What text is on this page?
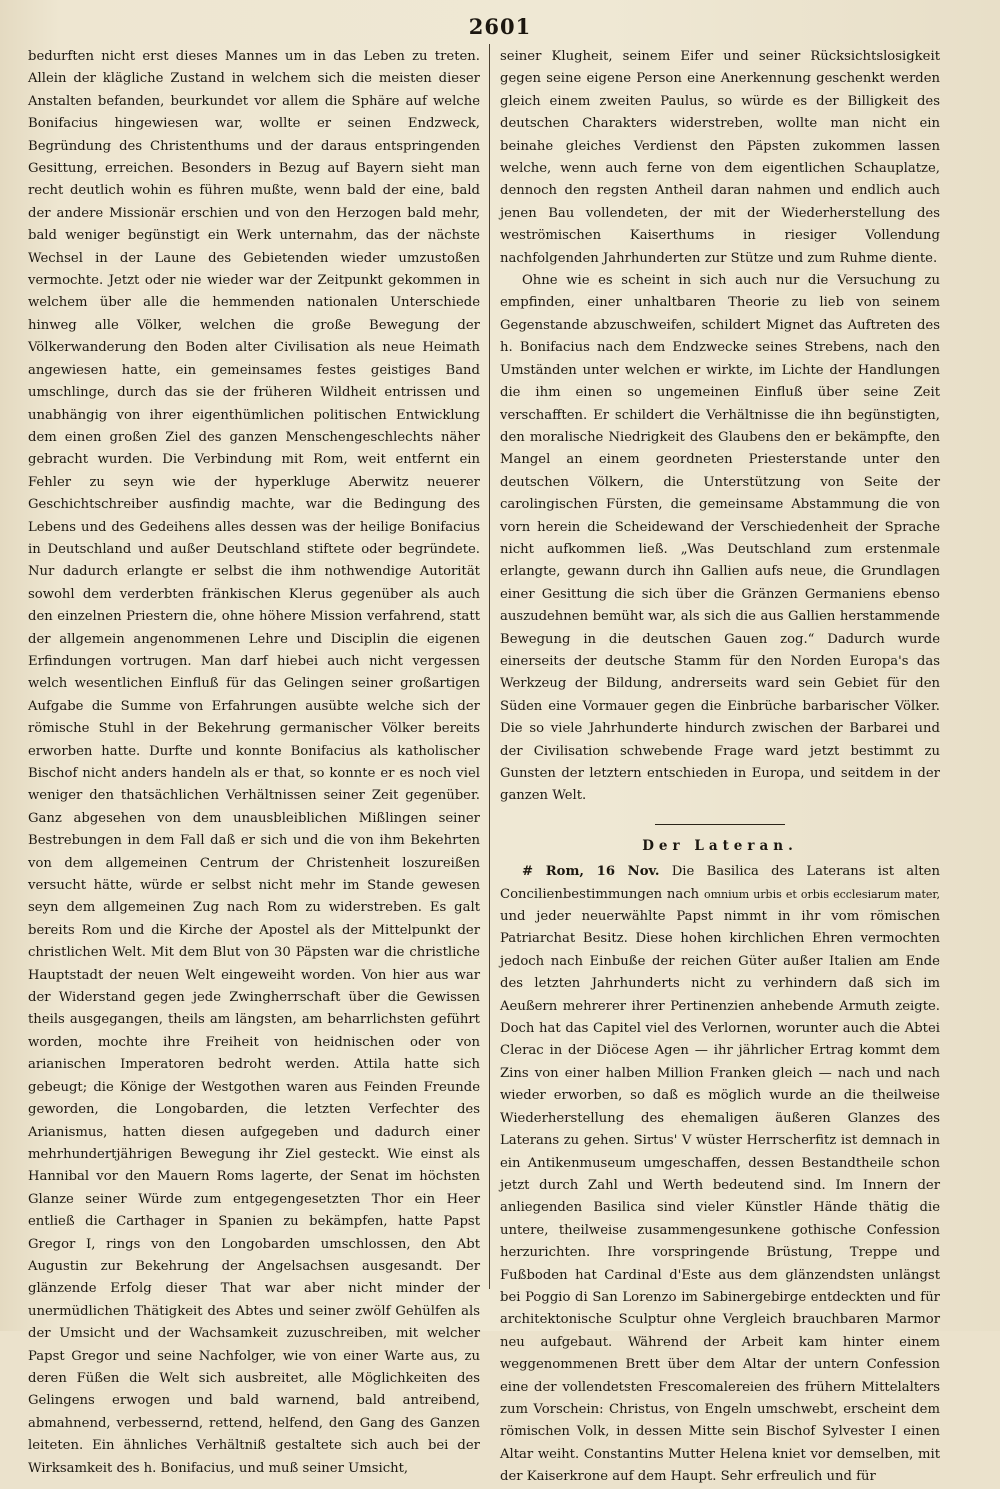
2601

bedurften nicht erst dieses Mannes um in das Leben zu treten. Allein der klägliche Zustand in welchem sich die meisten dieser Anstalten befanden, beurkundet vor allem die Sphäre auf welche Bonifacius hingewiesen war, wollte er seinen Endzweck, Begründung des Christenthums und der daraus entspringenden Gesittung, erreichen. Besonders in Bezug auf Bayern sieht man recht deutlich wohin es führen mußte, wenn bald der eine, bald der andere Missionär erschien und von den Herzogen bald mehr, bald weniger begünstigt ein Werk unternahm, das der nächste Wechsel in der Laune des Gebietenden wieder umzustoßen vermochte. Jetzt oder nie wieder war der Zeitpunkt gekommen in welchem über alle die hemmenden nationalen Unterschiede hinweg alle Völker, welchen die große Bewegung der Völkerwanderung den Boden alter Civilisation als neue Heimath angewiesen hatte, ein gemeinsames festes geistiges Band umschlinge, durch das sie der früheren Wildheit entrissen und unabhängig von ihrer eigenthümlichen politischen Entwicklung dem einen großen Ziel des ganzen Menschengeschlechts näher gebracht wurden. Die Verbindung mit Rom, weit entfernt ein Fehler zu seyn wie der hyperkluge Aberwitz neuerer Geschichtschreiber ausfindig machte, war die Bedingung des Lebens und des Gedeihens alles dessen was der heilige Bonifacius in Deutschland und außer Deutschland stiftete oder begründete. Nur dadurch erlangte er selbst die ihm nothwendige Autorität sowohl dem verderbten fränkischen Klerus gegenüber als auch den einzelnen Priestern die, ohne höhere Mission verfahrend, statt der allgemein angenommenen Lehre und Disciplin die eigenen Erfindungen vortrugen. Man darf hiebei auch nicht vergessen welch wesentlichen Einfluß für das Gelingen seiner großartigen Aufgabe die Summe von Erfahrungen ausübte welche sich der römische Stuhl in der Bekehrung germanischer Völker bereits erworben hatte. Durfte und konnte Bonifacius als katholischer Bischof nicht anders handeln als er that, so konnte er es noch viel weniger den thatsächlichen Verhältnissen seiner Zeit gegenüber. Ganz abgesehen von dem unausbleiblichen Mißlingen seiner Bestrebungen in dem Fall daß er sich und die von ihm Bekehrten von dem allgemeinen Centrum der Christenheit loszureißen versucht hätte, würde er selbst nicht mehr im Stande gewesen seyn dem allgemeinen Zug nach Rom zu widerstreben. Es galt bereits Rom und die Kirche der Apostel als der Mittelpunkt der christlichen Welt. Mit dem Blut von 30 Päpsten war die christliche Hauptstadt der neuen Welt eingeweiht worden. Von hier aus war der Widerstand gegen jede Zwingherrschaft über die Gewissen theils ausgegangen, theils am längsten, am beharrlichsten geführt worden, mochte ihre Freiheit von heidnischen oder von arianischen Imperatoren bedroht werden. Attila hatte sich gebeugt; die Könige der Westgothen waren aus Feinden Freunde geworden, die Longobarden, die letzten Verfechter des Arianismus, hatten diesen aufgegeben und dadurch einer mehrhundertjährigen Bewegung ihr Ziel gesteckt. Wie einst als Hannibal vor den Mauern Roms lagerte, der Senat im höchsten Glanze seiner Würde zum entgegengesetzten Thor ein Heer entließ die Carthager in Spanien zu bekämpfen, hatte Papst Gregor I, rings von den Longobarden umschlossen, den Abt Augustin zur Bekehrung der Angelsachsen ausgesandt. Der glänzende Erfolg dieser That war aber nicht minder der unermüdlichen Thätigkeit des Abtes und seiner zwölf Gehülfen als der Umsicht und der Wachsamkeit zuzuschreiben, mit welcher Papst Gregor und seine Nachfolger, wie von einer Warte aus, zu deren Füßen die Welt sich ausbreitet, alle Möglichkeiten des Gelingens erwogen und bald warnend, bald antreibend, abmahnend, verbessernd, rettend, helfend, den Gang des Ganzen leiteten. Ein ähnliches Verhältniß gestaltete sich auch bei der Wirksamkeit des h. Bonifacius, und muß seiner Umsicht,

seiner Klugheit, seinem Eifer und seiner Rücksichtslosigkeit gegen seine eigene Person eine Anerkennung geschenkt werden gleich einem zweiten Paulus, so würde es der Billigkeit des deutschen Charakters widerstreben, wollte man nicht ein beinahe gleiches Verdienst den Päpsten zukommen lassen welche, wenn auch ferne von dem eigentlichen Schauplatze, dennoch den regsten Antheil daran nahmen und endlich auch jenen Bau vollendeten, der mit der Wiederherstellung des weströmischen Kaiserthums in riesiger Vollendung nachfolgenden Jahrhunderten zur Stütze und zum Ruhme diente.

Ohne wie es scheint in sich auch nur die Versuchung zu empfinden, einer unhaltbaren Theorie zu lieb von seinem Gegenstande abzuschweifen, schildert Mignet das Auftreten des h. Bonifacius nach dem Endzwecke seines Strebens, nach den Umständen unter welchen er wirkte, im Lichte der Handlungen die ihm einen so ungemeinen Einfluß über seine Zeit verschafften. Er schildert die Verhältnisse die ihn begünstigten, den moralische Niedrigkeit des Glaubens den er bekämpfte, den Mangel an einem geordneten Priesterstande unter den deutschen Völkern, die Unterstützung von Seite der carolingischen Fürsten, die gemeinsame Abstammung die von vorn herein die Scheidewand der Verschiedenheit der Sprache nicht aufkommen ließ. „Was Deutschland zum erstenmale erlangte, gewann durch ihn Gallien aufs neue, die Grundlagen einer Gesittung die sich über die Gränzen Germaniens ebenso auszudehnen bemüht war, als sich die aus Gallien herstammende Bewegung in die deutschen Gauen zog.“ Dadurch wurde einerseits der deutsche Stamm für den Norden Europa's das Werkzeug der Bildung, andrerseits ward sein Gebiet für den Süden eine Vormauer gegen die Einbrüche barbarischer Völker. Die so viele Jahrhunderte hindurch zwischen der Barbarei und der Civilisation schwebende Frage ward jetzt bestimmt zu Gunsten der letztern entschieden in Europa, und seitdem in der ganzen Welt.

Der Lateran.

# Rom, 16 Nov. Die Basilica des Laterans ist alten Concilienbestimmungen nach omnium urbis et orbis ecclesiarum mater, und jeder neuerwählte Papst nimmt in ihr vom römischen Patriarchat Besitz. Diese hohen kirchlichen Ehren vermochten jedoch nach Einbuße der reichen Güter außer Italien am Ende des letzten Jahrhunderts nicht zu verhindern daß sich im Aeußern mehrerer ihrer Pertinenzien anhebende Armuth zeigte. Doch hat das Capitel viel des Verlornen, worunter auch die Abtei Clerac in der Diöcese Agen — ihr jährlicher Ertrag kommt dem Zins von einer halben Million Franken gleich — nach und nach wieder erworben, so daß es möglich wurde an die theilweise Wiederherstellung des ehemaligen äußeren Glanzes des Laterans zu gehen. Sirtus' V wüster Herrscherfitz ist demnach in ein Antikenmuseum umgeschaffen, dessen Bestandtheile schon jetzt durch Zahl und Werth bedeutend sind. Im Innern der anliegenden Basilica sind vieler Künstler Hände thätig die untere, theilweise zusammengesunkene gothische Confession herzurichten. Ihre vorspringende Brüstung, Treppe und Fußboden hat Cardinal d'Este aus dem glänzendsten unlängst bei Poggio di San Lorenzo im Sabinergebirge entdeckten und für architektonische Sculptur ohne Vergleich brauchbaren Marmor neu aufgebaut. Während der Arbeit kam hinter einem weggenommenen Brett über dem Altar der untern Confession eine der vollendetsten Frescomalereien des frühern Mittelalters zum Vorschein: Christus, von Engeln umschwebt, erscheint dem römischen Volk, in dessen Mitte sein Bischof Sylvester I einen Altar weiht. Constantins Mutter Helena kniet vor demselben, mit der Kaiserkrone auf dem Haupt. Sehr erfreulich und für
